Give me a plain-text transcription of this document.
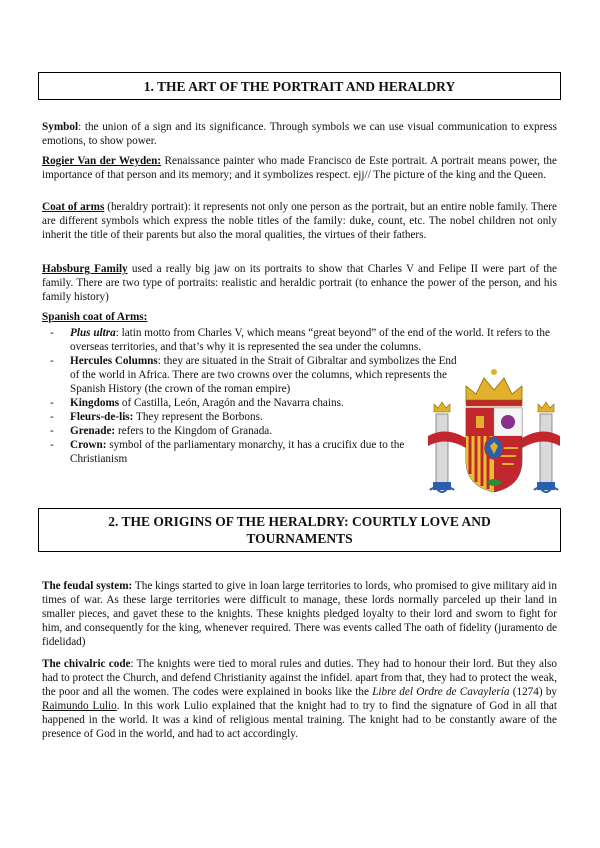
1. THE ART OF THE PORTRAIT AND HERALDRY

Symbol: the union of a sign and its significance. Through symbols we can use visual communication to express emotions, to show power.

Rogier Van der Weyden: Renaissance painter who made Francisco de Este portrait. A portrait means power, the importance of that person and its memory; and it symbolizes respect. ejj// The picture of the king and the Queen.

Coat of arms (heraldry portrait): it represents not only one person as the portrait, but an entire noble family. There are different symbols which express the noble titles of the family: duke, count, etc. The nobel children not only inherit the title of their parents but also the moral qualities, the virtues of their fathers.

Habsburg Family used a really big jaw on its portraits to show that Charles V and Felipe II were part of the family. There are two type of portraits: realistic and heraldic portrait (to enhance the power of the person, and his family history)

Spanish coat of Arms:

- Plus ultra: latin motto from Charles V, which means “great beyond” of the end of the world. It refers to the overseas territories, and that’s why it is represented the sea under the columns.
- Hercules Columns: they are situated in the Strait of Gibraltar and symbolizes the End of the world in Africa. There are two crowns over the columns, which represents the Spanish History (the crown of the roman empire)
- Kingdoms of Castilla, León, Aragón and the Navarra chains.
- Fleurs-de-lis: They represent the Borbons.
- Grenade: refers to the Kingdom of Granada.
- Crown: symbol of the parliamentary monarchy, it has a crucifix due to the Christianism
2. THE ORIGINS OF THE HERALDRY: COURTLY LOVE AND TOURNAMENTS

The feudal system: The kings started to give in loan large territories to lords, who promised to give military aid in times of war. As these large territories were difficult to manage, these lords normally parceled up their land in smaller pieces, and gavet these to the knights. These knights pledged loyalty to their lord and sworn to fight for him, and consequently for the king, whenever required. There was events called The oath of fidelity (juramento de fidelidad)

The chivalric code: The knights were tied to moral rules and duties. They had to honour their lord. But they also had to protect the Church, and defend Christianity against the infidel. apart from that, they had to protect the weak, the poor and all the women. The codes were explained in books like the Libre del Ordre de Cavaylería (1274) by Raimundo Lulio. In this work Lulio explained that the knight had to try to find the signature of God in all that happened in the world. It was a kind of religious mental training. The knight had to be constantly aware of the presence of God in the world, and had to act accordingly.
